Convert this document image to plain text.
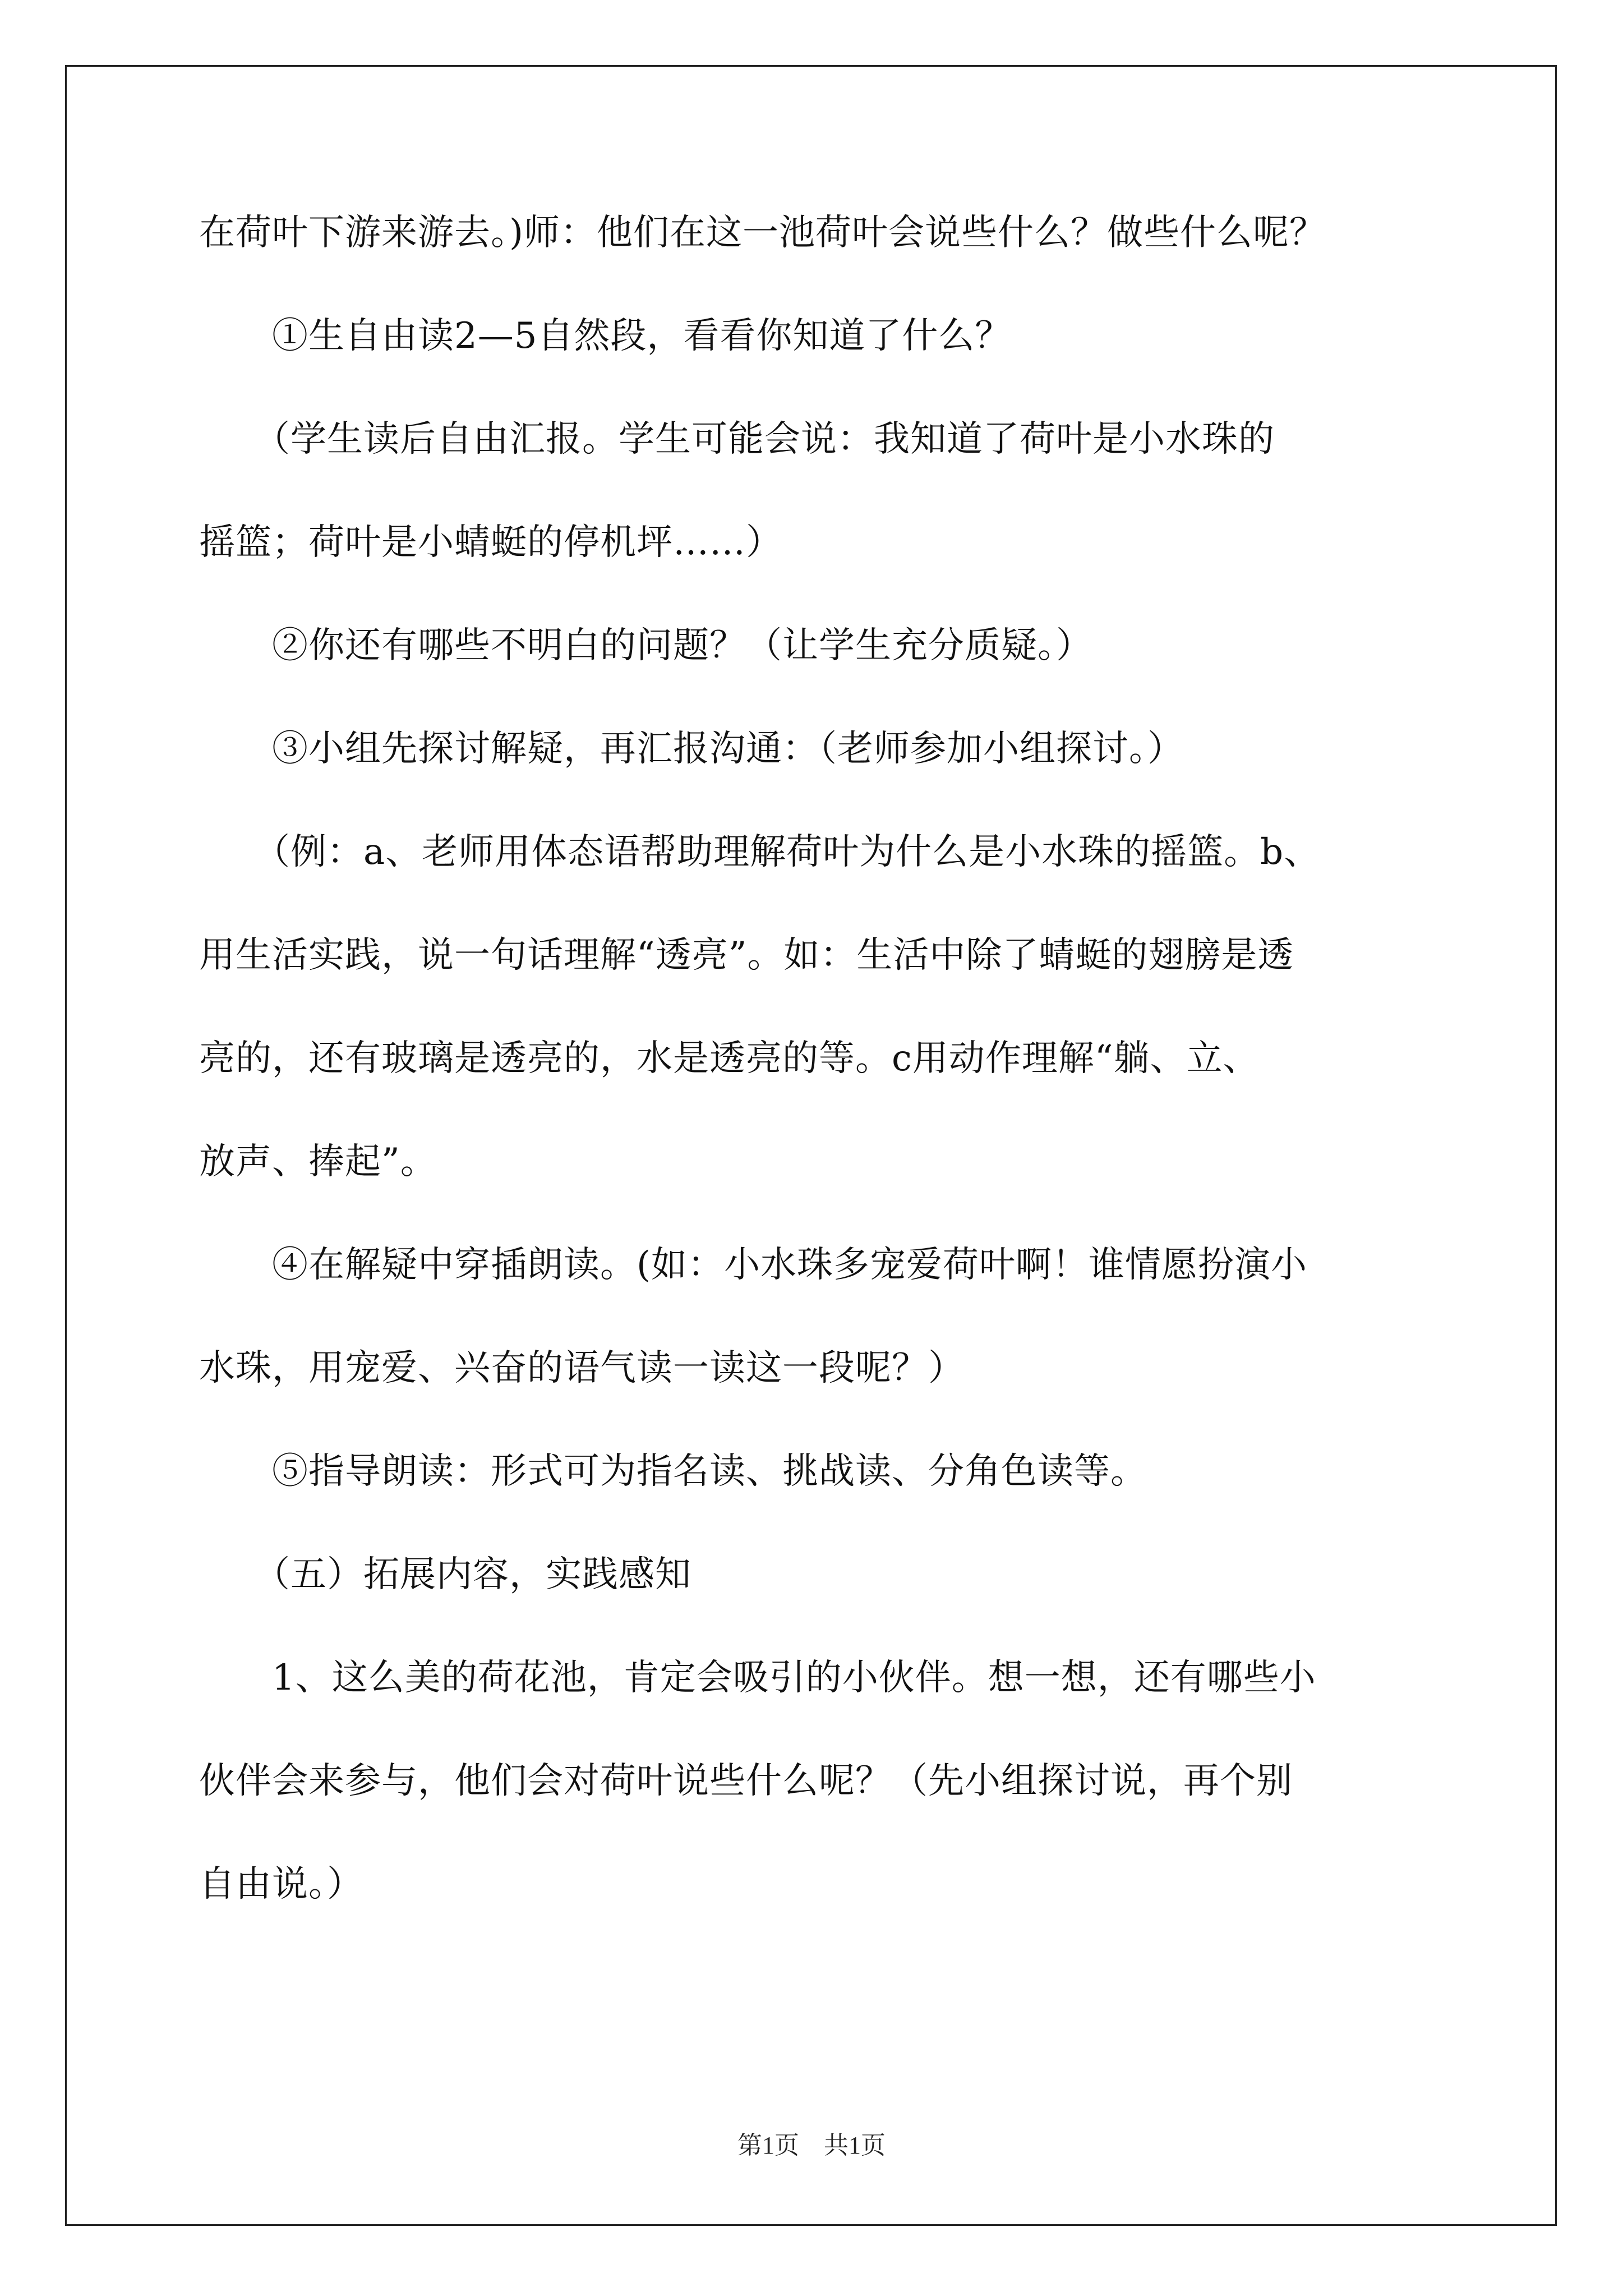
在荷叶下游来游去。)师：他们在这一池荷叶会说些什么？做些什么呢？
　　①生自由读2—5自然段，看看你知道了什么？
　　（学生读后自由汇报。学生可能会说：我知道了荷叶是小水珠的
摇篮；荷叶是小蜻蜓的停机坪……）
　　②你还有哪些不明白的问题？（让学生充分质疑。）
　　③小组先探讨解疑，再汇报沟通：（老师参加小组探讨。）
　　（例：a、老师用体态语帮助理解荷叶为什么是小水珠的摇篮。b、
用生活实践，说一句话理解“透亮”。如：生活中除了蜻蜓的翅膀是透
亮的，还有玻璃是透亮的，水是透亮的等。c用动作理解“躺、立、
放声、捧起”。
　　④在解疑中穿插朗读。(如：小水珠多宠爱荷叶啊！谁情愿扮演小
水珠，用宠爱、兴奋的语气读一读这一段呢？）
　　⑤指导朗读：形式可为指名读、挑战读、分角色读等。
　　（五）拓展内容，实践感知
　　1、这么美的荷花池，肯定会吸引的小伙伴。想一想，还有哪些小
伙伴会来参与，他们会对荷叶说些什么呢？（先小组探讨说，再个别
自由说。）
第1页　共1页
